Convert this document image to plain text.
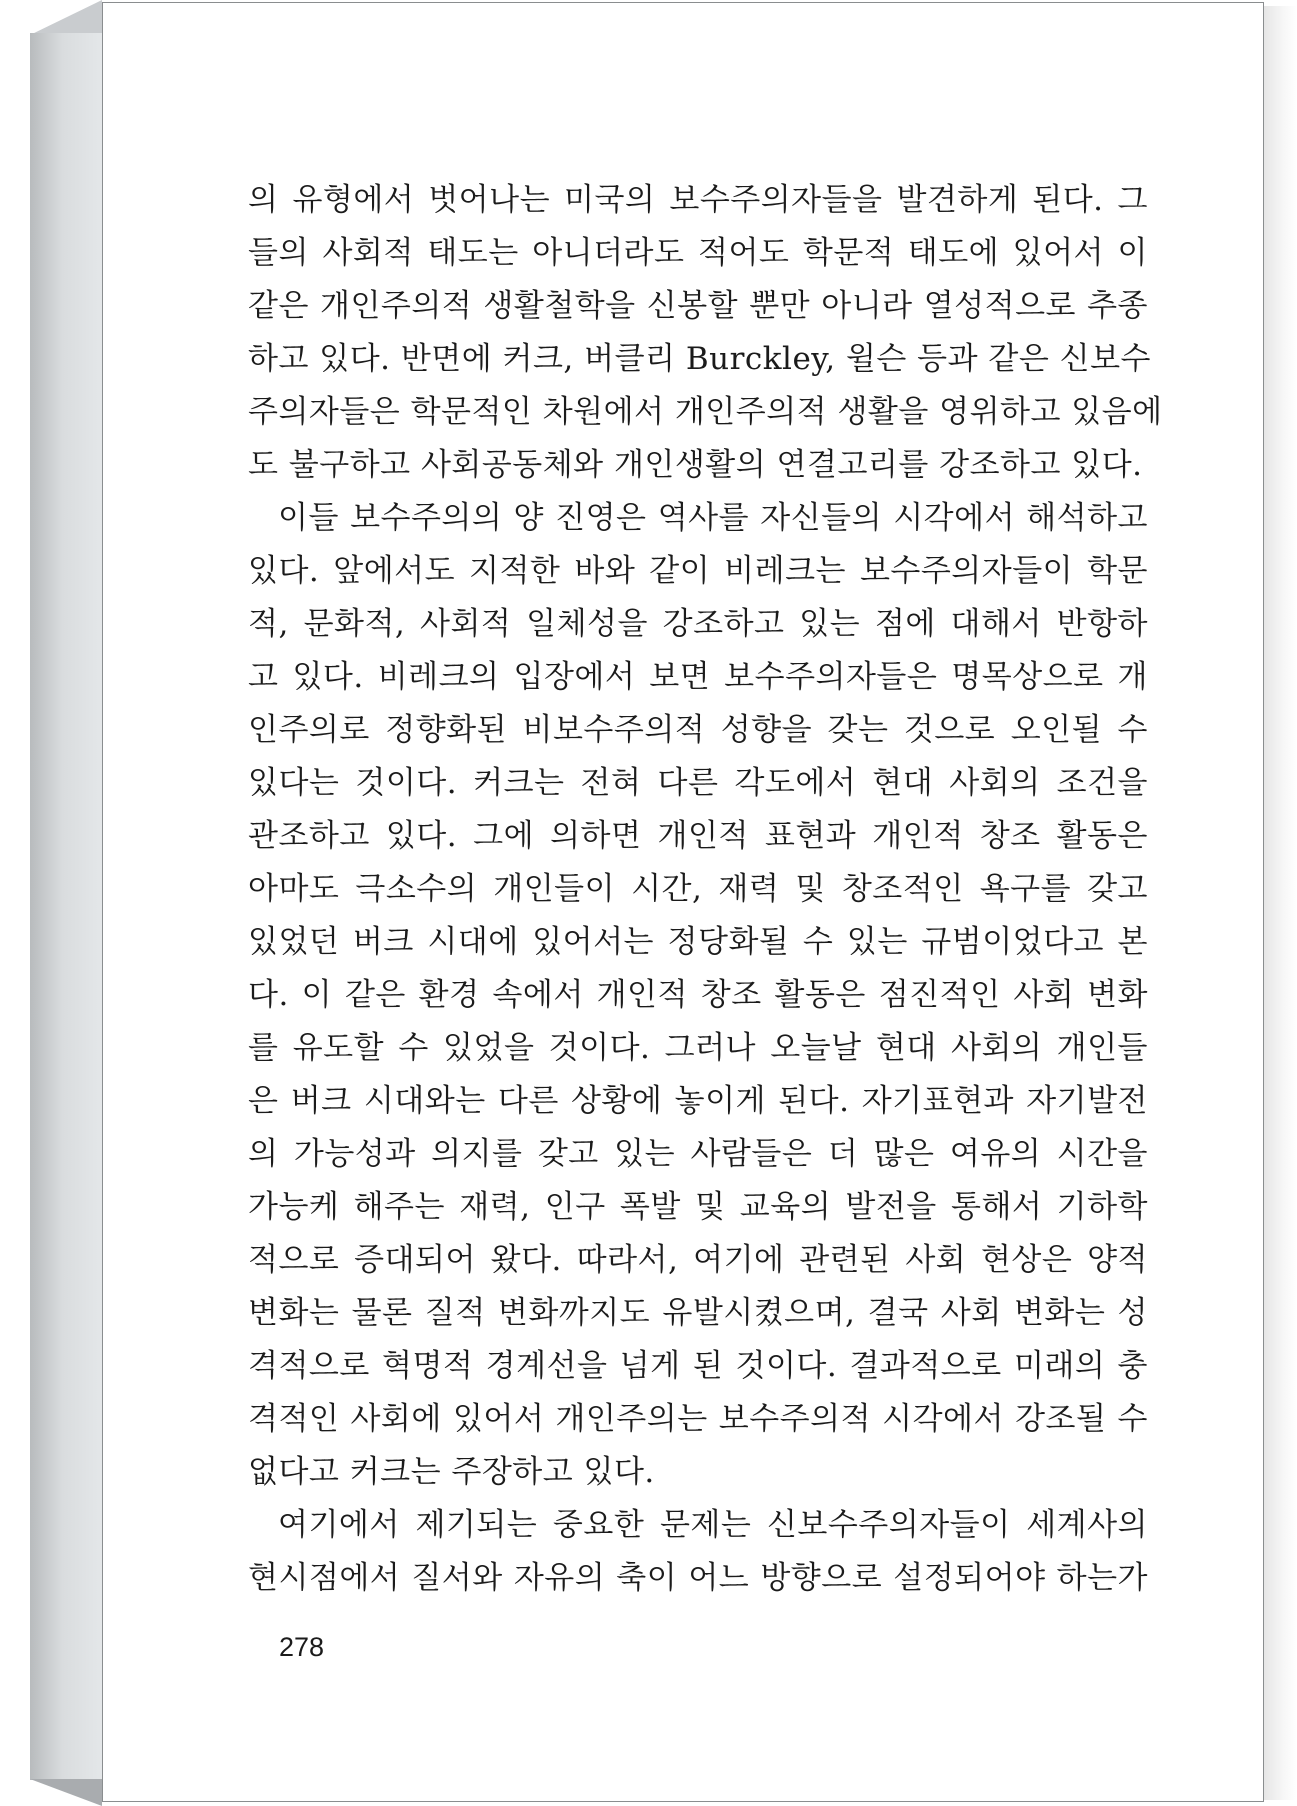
의 유형에서 벗어나는 미국의 보수주의자들을 발견하게 된다. 그
들의 사회적 태도는 아니더라도 적어도 학문적 태도에 있어서 이
같은 개인주의적 생활철학을 신봉할 뿐만 아니라 열성적으로 추종
하고 있다. 반면에 커크, 버클리 Burckley, 윌슨 등과 같은 신보수
주의자들은 학문적인 차원에서 개인주의적 생활을 영위하고 있음에
도 불구하고 사회공동체와 개인생활의 연결고리를 강조하고 있다.
이들 보수주의의 양 진영은 역사를 자신들의 시각에서 해석하고
있다. 앞에서도 지적한 바와 같이 비레크는 보수주의자들이 학문
적, 문화적, 사회적 일체성을 강조하고 있는 점에 대해서 반항하
고 있다. 비레크의 입장에서 보면 보수주의자들은 명목상으로 개
인주의로 정향화된 비보수주의적 성향을 갖는 것으로 오인될 수
있다는 것이다. 커크는 전혀 다른 각도에서 현대 사회의 조건을
관조하고 있다. 그에 의하면 개인적 표현과 개인적 창조 활동은
아마도 극소수의 개인들이 시간, 재력 및 창조적인 욕구를 갖고
있었던 버크 시대에 있어서는 정당화될 수 있는 규범이었다고 본
다. 이 같은 환경 속에서 개인적 창조 활동은 점진적인 사회 변화
를 유도할 수 있었을 것이다. 그러나 오늘날 현대 사회의 개인들
은 버크 시대와는 다른 상황에 놓이게 된다. 자기표현과 자기발전
의 가능성과 의지를 갖고 있는 사람들은 더 많은 여유의 시간을
가능케 해주는 재력, 인구 폭발 및 교육의 발전을 통해서 기하학
적으로 증대되어 왔다. 따라서, 여기에 관련된 사회 현상은 양적
변화는 물론 질적 변화까지도 유발시켰으며, 결국 사회 변화는 성
격적으로 혁명적 경계선을 넘게 된 것이다. 결과적으로 미래의 충
격적인 사회에 있어서 개인주의는 보수주의적 시각에서 강조될 수
없다고 커크는 주장하고 있다.
여기에서 제기되는 중요한 문제는 신보수주의자들이 세계사의
현시점에서 질서와 자유의 축이 어느 방향으로 설정되어야 하는가
278
